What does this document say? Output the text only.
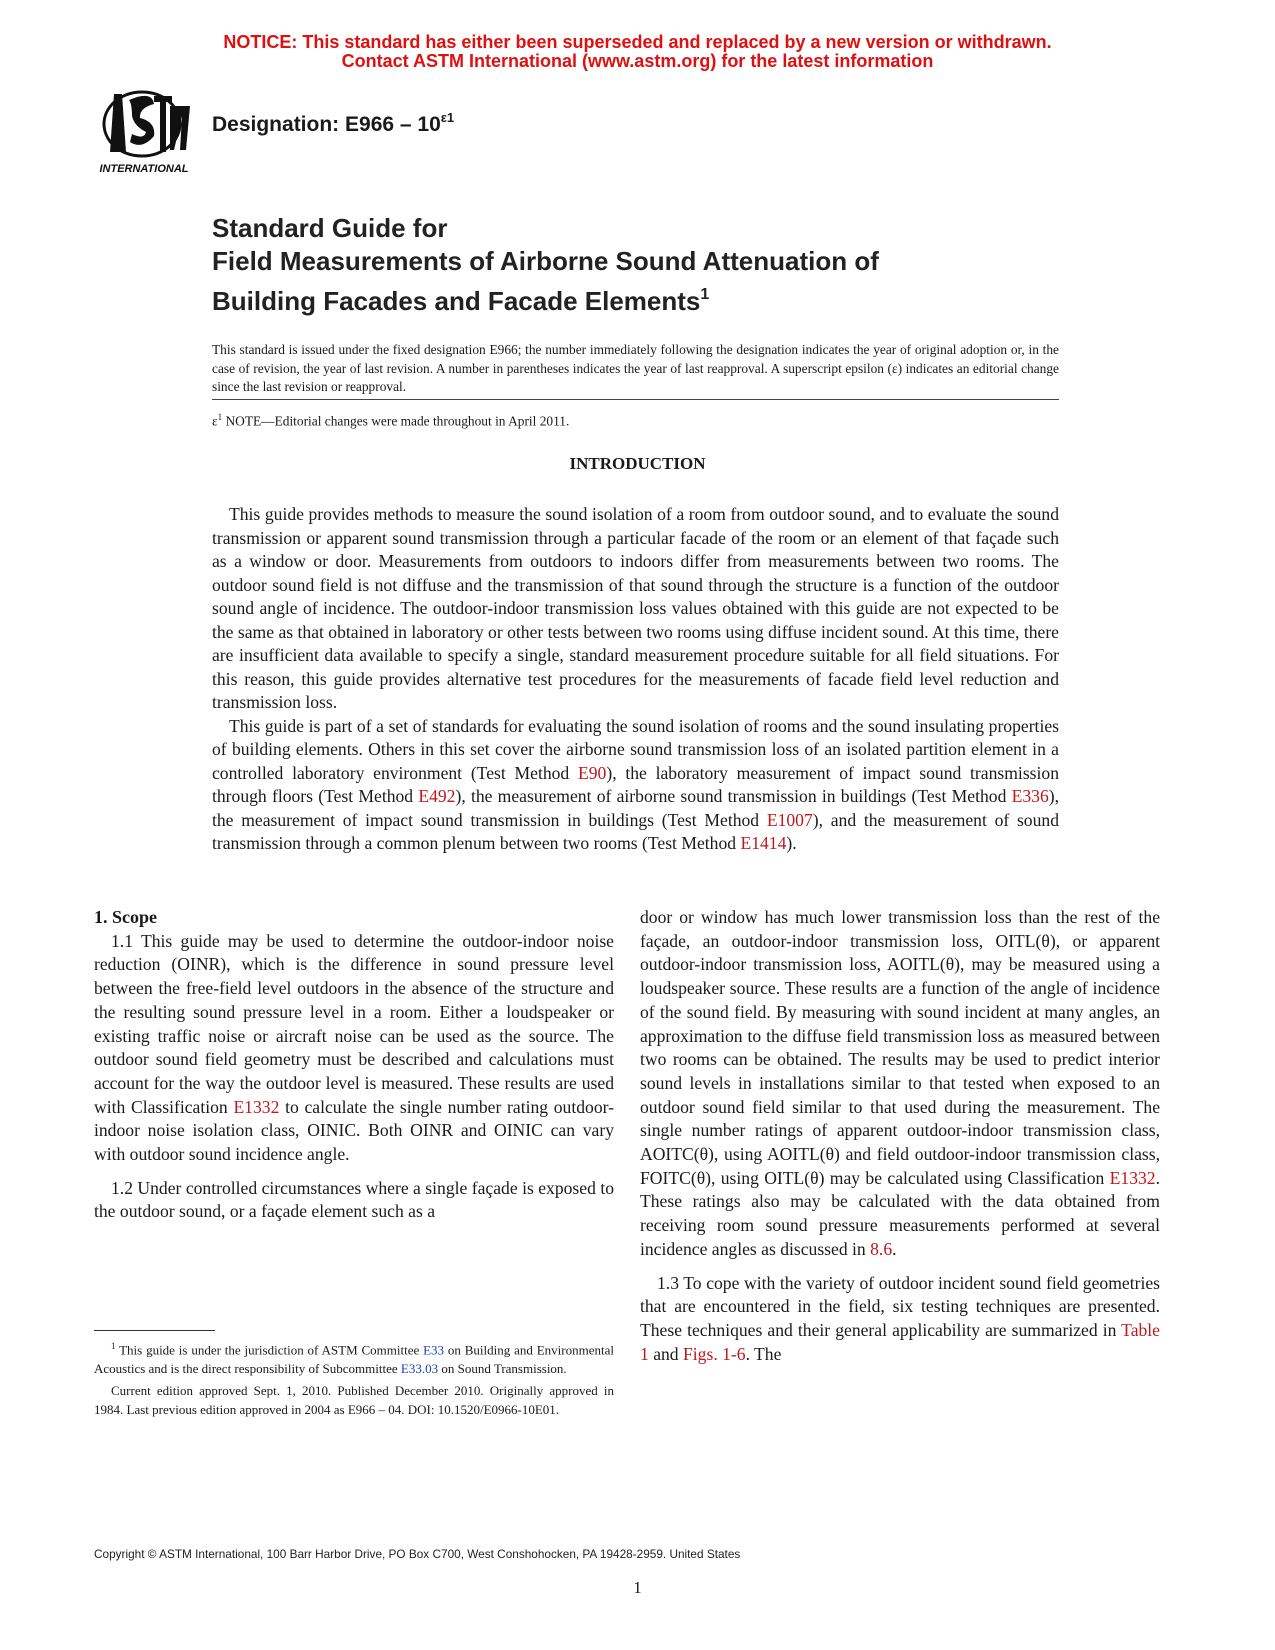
NOTICE: This standard has either been superseded and replaced by a new version or withdrawn.
Contact ASTM International (www.astm.org) for the latest information
INTERNATIONAL
Designation: $E966 - 10^{\varepsilon 1}$
Standard Guide for
Field Measurements of Airborne Sound Attenuation of
Building Facades and Facade Elements$^1$
This standard is issued under the fixed designation E966; the number immediately following the designation indicates the year of original adoption or, in the case of revision, the year of last revision. A number in parentheses indicates the year of last reapproval. A superscript epsilon (ε) indicates an editorial change since the last revision or reapproval.
$\varepsilon^1$ NOTE—Editorial changes were made throughout in April 2011.
INTRODUCTION

This guide provides methods to measure the sound isolation of a room from outdoor sound, and to evaluate the sound transmission or apparent sound transmission through a particular facade of the room or an element of that façade such as a window or door. Measurements from outdoors to indoors differ from measurements between two rooms. The outdoor sound field is not diffuse and the transmission of that sound through the structure is a function of the outdoor sound angle of incidence. The outdoor-indoor transmission loss values obtained with this guide are not expected to be the same as that obtained in laboratory or other tests between two rooms using diffuse incident sound. At this time, there are insufficient data available to specify a single, standard measurement procedure suitable for all field situations. For this reason, this guide provides alternative test procedures for the measurements of facade field level reduction and transmission loss.

This guide is part of a set of standards for evaluating the sound isolation of rooms and the sound insulating properties of building elements. Others in this set cover the airborne sound transmission loss of an isolated partition element in a controlled laboratory environment (Test Method E90), the laboratory measurement of impact sound transmission through floors (Test Method E492), the measurement of airborne sound transmission in buildings (Test Method E336), the measurement of impact sound transmission in buildings (Test Method E1007), and the measurement of sound transmission through a common plenum between two rooms (Test Method E1414).

1. Scope

1.1 This guide may be used to determine the outdoor-indoor noise reduction (OINR), which is the difference in sound pressure level between the free-field level outdoors in the absence of the structure and the resulting sound pressure level in a room. Either a loudspeaker or existing traffic noise or aircraft noise can be used as the source. The outdoor sound field geometry must be described and calculations must account for the way the outdoor level is measured. These results are used with Classification E1332 to calculate the single number rating outdoor-indoor noise isolation class, OINIC. Both OINR and OINIC can vary with outdoor sound incidence angle.

1.2 Under controlled circumstances where a single façade is exposed to the outdoor sound, or a façade element such as a

$^1$ This guide is under the jurisdiction of ASTM Committee E33 on Building and Environmental Acoustics and is the direct responsibility of Subcommittee E33.03 on Sound Transmission.

Current edition approved Sept. 1, 2010. Published December 2010. Originally approved in 1984. Last previous edition approved in 2004 as E966 – 04. DOI: 10.1520/E0966-10E01.

door or window has much lower transmission loss than the rest of the façade, an outdoor-indoor transmission loss, OITL(θ), or apparent outdoor-indoor transmission loss, AOITL(θ), may be measured using a loudspeaker source. These results are a function of the angle of incidence of the sound field. By measuring with sound incident at many angles, an approximation to the diffuse field transmission loss as measured between two rooms can be obtained. The results may be used to predict interior sound levels in installations similar to that tested when exposed to an outdoor sound field similar to that used during the measurement. The single number ratings of apparent outdoor-indoor transmission class, AOITC(θ), using AOITL(θ) and field outdoor-indoor transmission class, FOITC(θ), using OITL(θ) may be calculated using Classification E1332. These ratings also may be calculated with the data obtained from receiving room sound pressure measurements performed at several incidence angles as discussed in 8.6.

1.3 To cope with the variety of outdoor incident sound field geometries that are encountered in the field, six testing techniques are presented. These techniques and their general applicability are summarized in Table 1 and Figs. 1-6. The

Copyright © ASTM International, 100 Barr Harbor Drive, PO Box C700, West Conshohocken, PA 19428-2959. United States
1
